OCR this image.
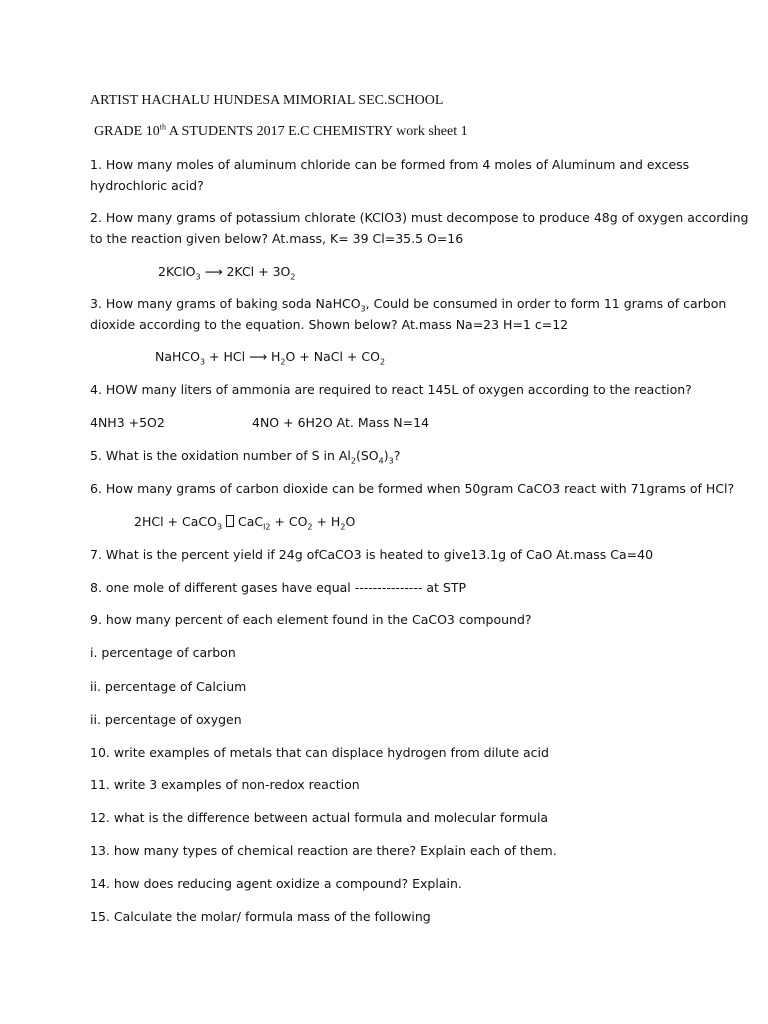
ARTIST HACHALU HUNDESA MIMORIAL SEC.SCHOOL
GRADE 10th A STUDENTS 2017 E.C CHEMISTRY work sheet 1
1. How many moles of aluminum chloride can be formed from 4 moles of Aluminum and excess
hydrochloric acid?
2. How many grams of potassium chlorate (KClO3) must decompose to produce 48g of oxygen according
to the reaction given below? At.mass, K= 39 Cl=35.5 O=16
2KClO$_3$ ⟶ $2KCl + 3O_2$
3. How many grams of baking soda NaHCO$_3$, Could be consumed in order to form 11 grams of carbon
dioxide according to the equation. Shown below? At.mass Na=23 H=1 c=12
NaHCO$_3$ + HCl ⟶ $H_2O$ + NaCl + $CO_2$
4. HOW many liters of ammonia are required to react 145L of oxygen according to the reaction?
4NH3 +5O2	4NO + 6H2O At. Mass N=14
5. What is the oxidation number of S in $Al_2(SO_4)_3$?
6. How many grams of carbon dioxide can be formed when 50gram CaCO3 react with 71grams of HCl?
2HCl + CaCO$_3$  $CaC_{l2} + CO_2 + H_2O$
7. What is the percent yield if 24g ofCaCO3 is heated to give13.1g of CaO At.mass Ca=40
8. one mole of different gases have equal --------------- at STP
9. how many percent of each element found in the CaCO3 compound?
i. percentage of carbon
ii. percentage of Calcium
ii. percentage of oxygen
10. write examples of metals that can displace hydrogen from dilute acid
11. write 3 examples of non-redox reaction
12. what is the difference between actual formula and molecular formula
13. how many types of chemical reaction are there? Explain each of them.
14. how does reducing agent oxidize a compound? Explain.
15. Calculate the molar/ formula mass of the following
